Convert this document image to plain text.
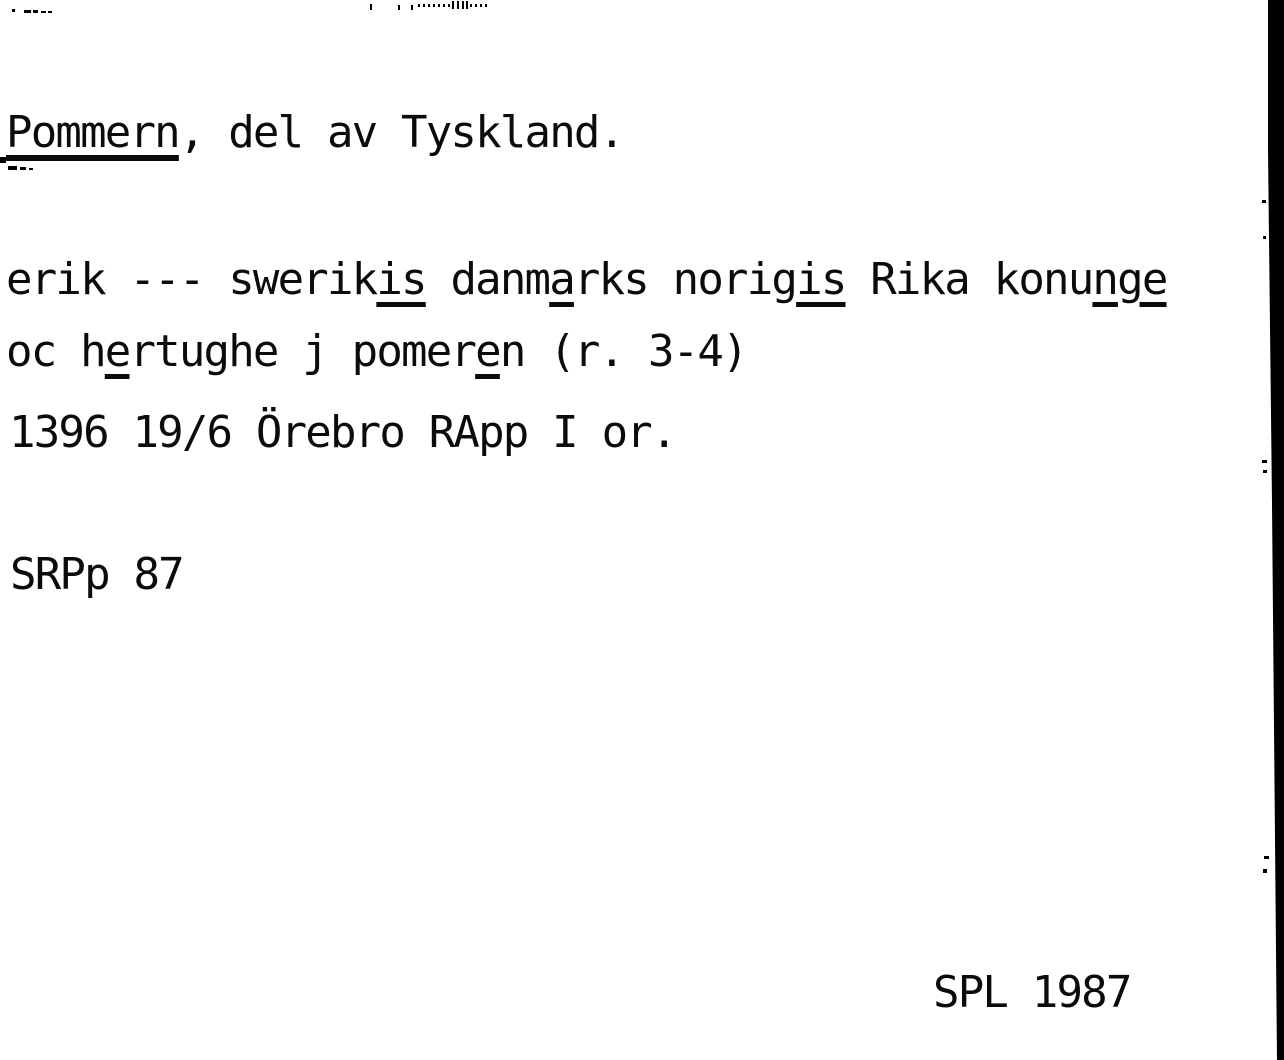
Pommern, del av Tyskland.
erik --- swerikis danmarks norigis Rika konunge
oc hertughe j pomeren (r. 3-4)
1396 19/6 Örebro RApp I or.
SRPp 87
SPL 1987
